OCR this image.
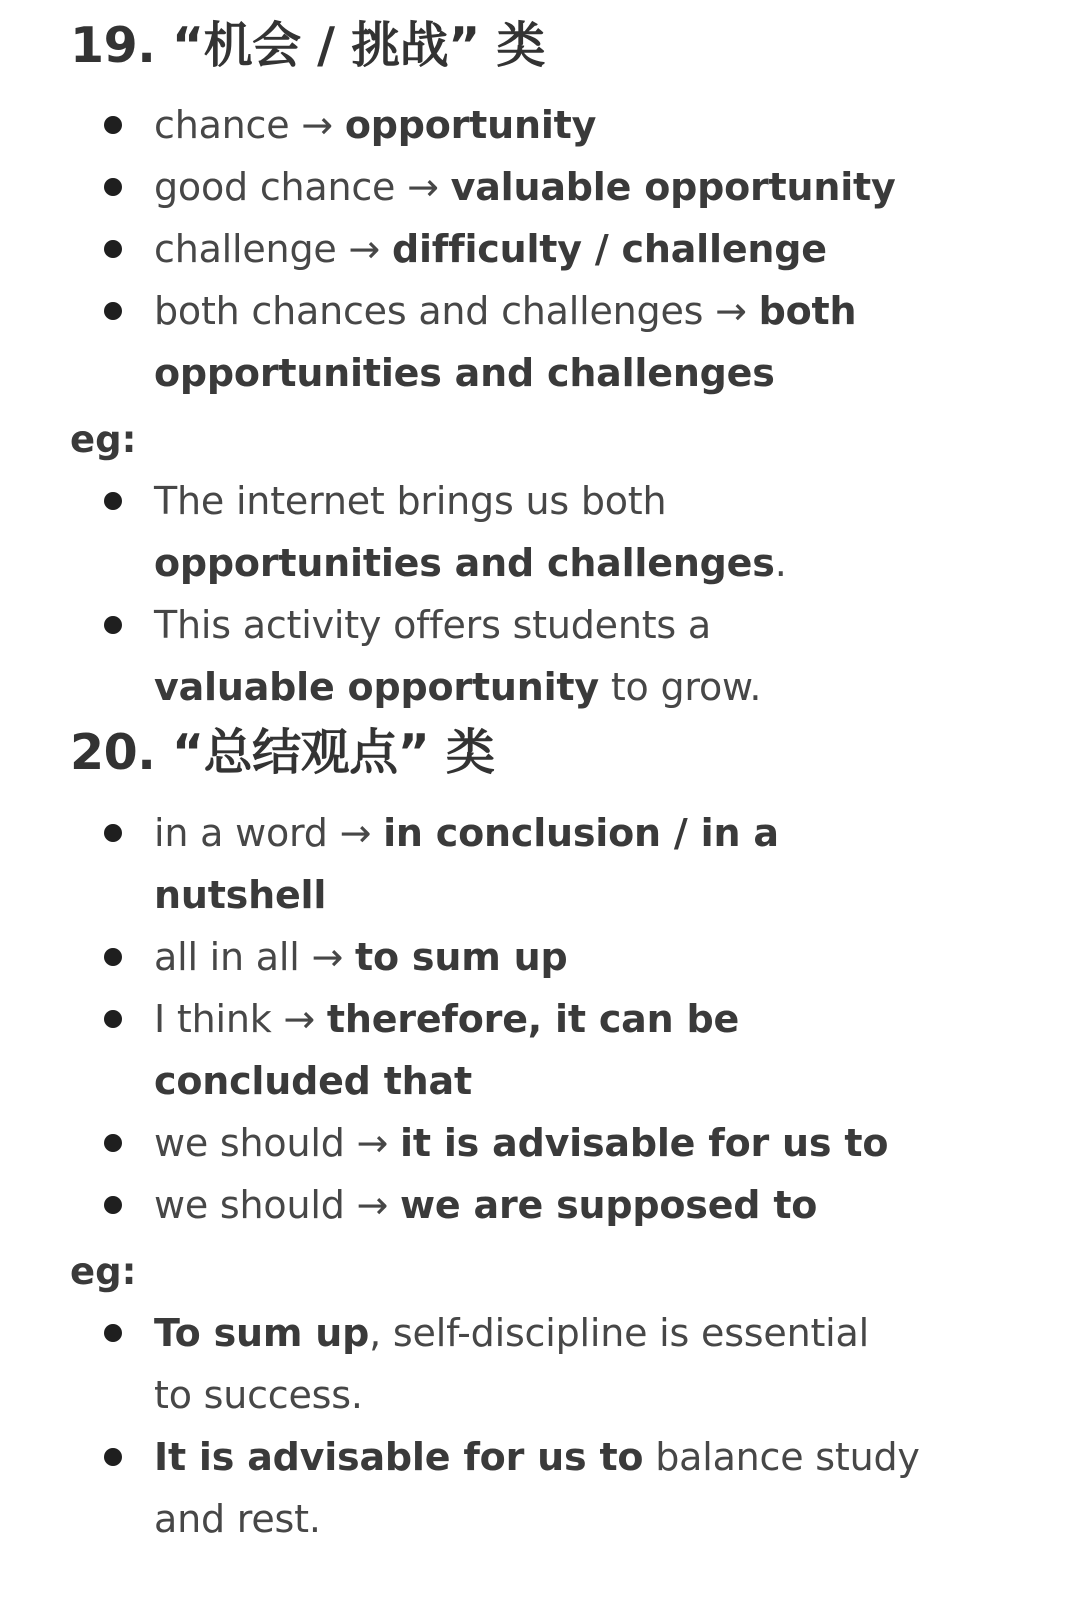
19. “机会 / 挑战” 类
chance → opportunity
good chance → valuable opportunity
challenge → difficulty / challenge
both chances and challenges → both
opportunities and challenges

eg:

The internet brings us both
opportunities and challenges.
This activity offers students a
valuable opportunity to grow.
20. “总结观点” 类
in a word → in conclusion / in a
nutshell
all in all → to sum up
I think → therefore, it can be
concluded that
we should → it is advisable for us to
we should → we are supposed to

eg:

To sum up, self-discipline is essential
to success.
It is advisable for us to balance study
and rest.
